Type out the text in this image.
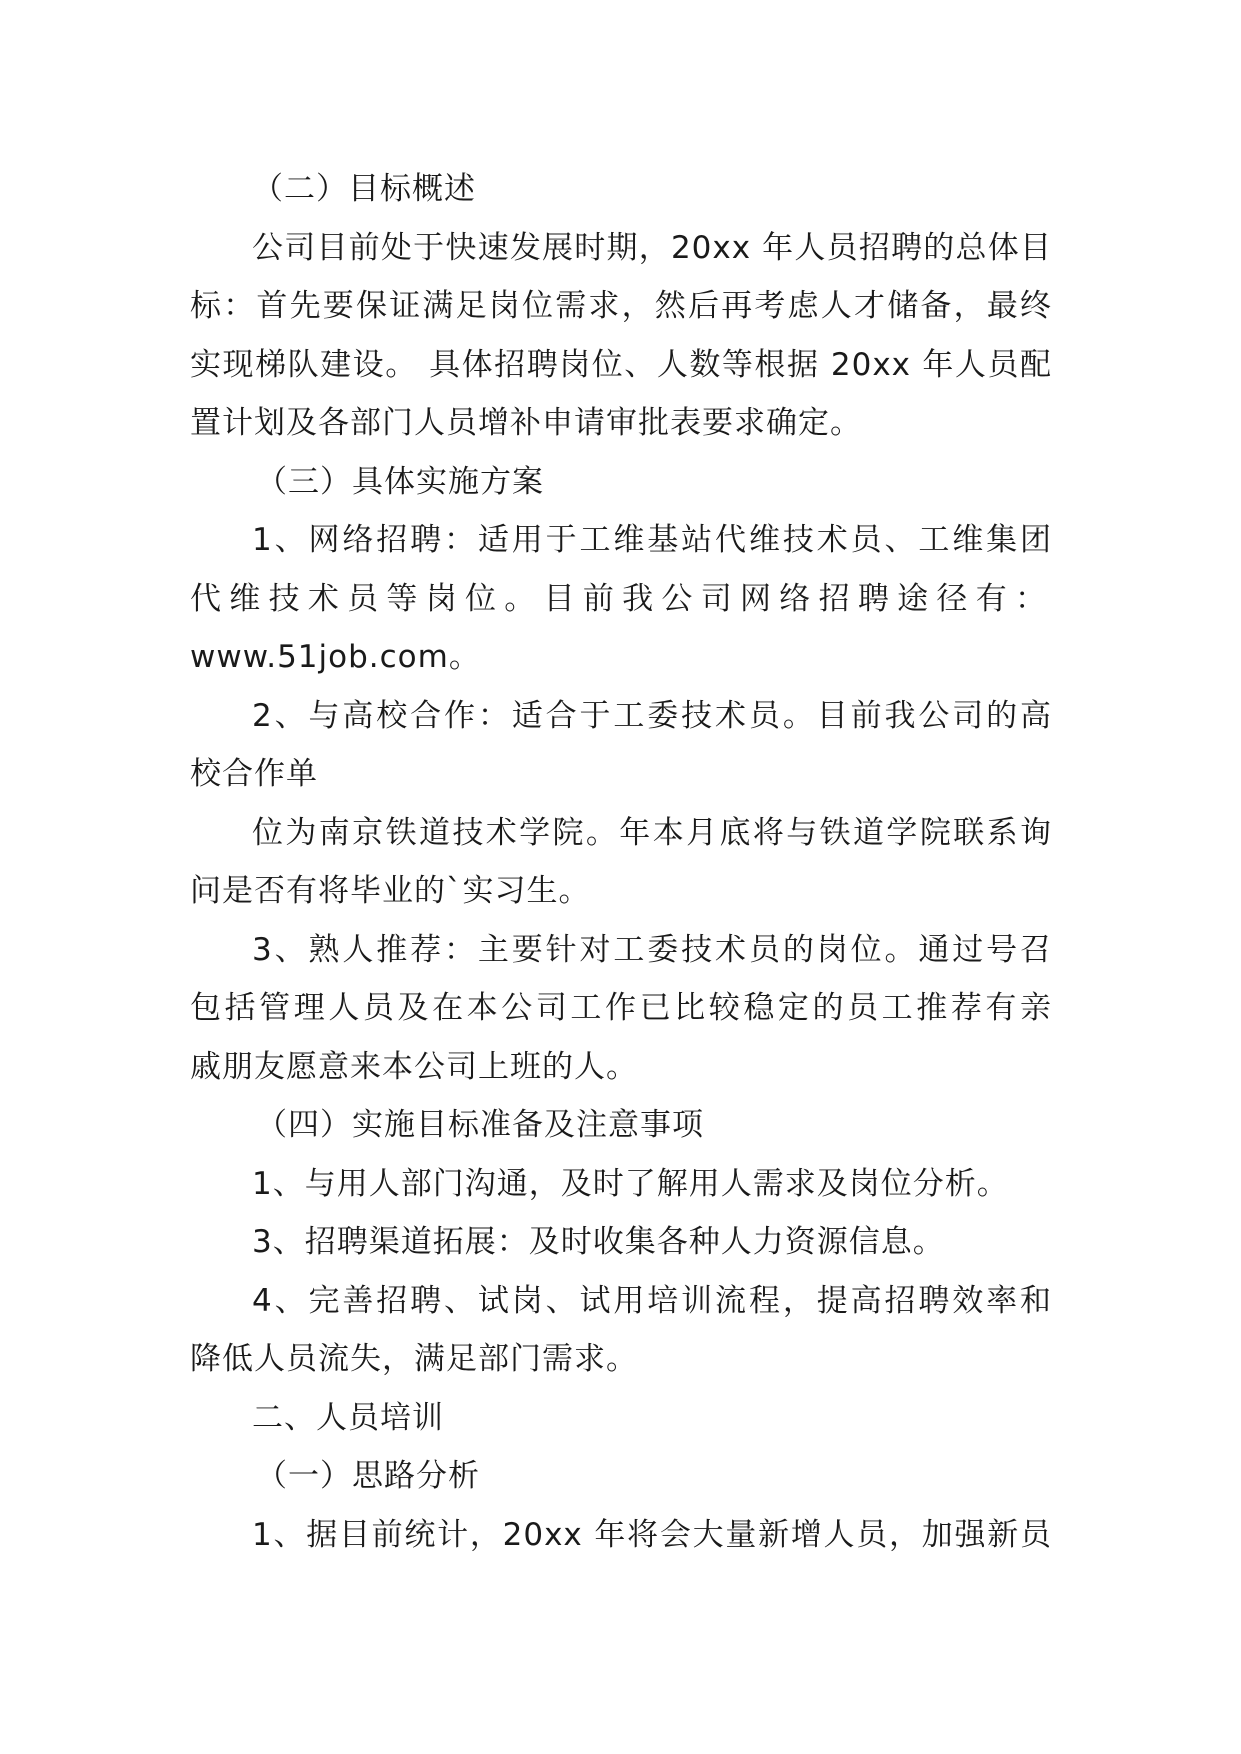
（二）目标概述
公司目前处于快速发展时期，20xx 年人员招聘的总体目
标：首先要保证满足岗位需求，然后再考虑人才储备，最终
实现梯队建设。 具体招聘岗位、人数等根据 20xx 年人员配
置计划及各部门人员增补申请审批表要求确定。
（三）具体实施方案
1、网络招聘：适用于工维基站代维技术员、工维集团
代维技术员等岗位。目前我公司网络招聘途径有：
www.51job.com。
2、与高校合作：适合于工委技术员。目前我公司的高
校合作单
位为南京铁道技术学院。年本月底将与铁道学院联系询
问是否有将毕业的`实习生。
3、熟人推荐：主要针对工委技术员的岗位。通过号召
包括管理人员及在本公司工作已比较稳定的员工推荐有亲
戚朋友愿意来本公司上班的人。
（四）实施目标准备及注意事项
1、与用人部门沟通，及时了解用人需求及岗位分析。
3、招聘渠道拓展：及时收集各种人力资源信息。
4、完善招聘、试岗、试用培训流程，提高招聘效率和
降低人员流失，满足部门需求。
二、人员培训
（一）思路分析
1、据目前统计，20xx 年将会大量新增人员，加强新员
